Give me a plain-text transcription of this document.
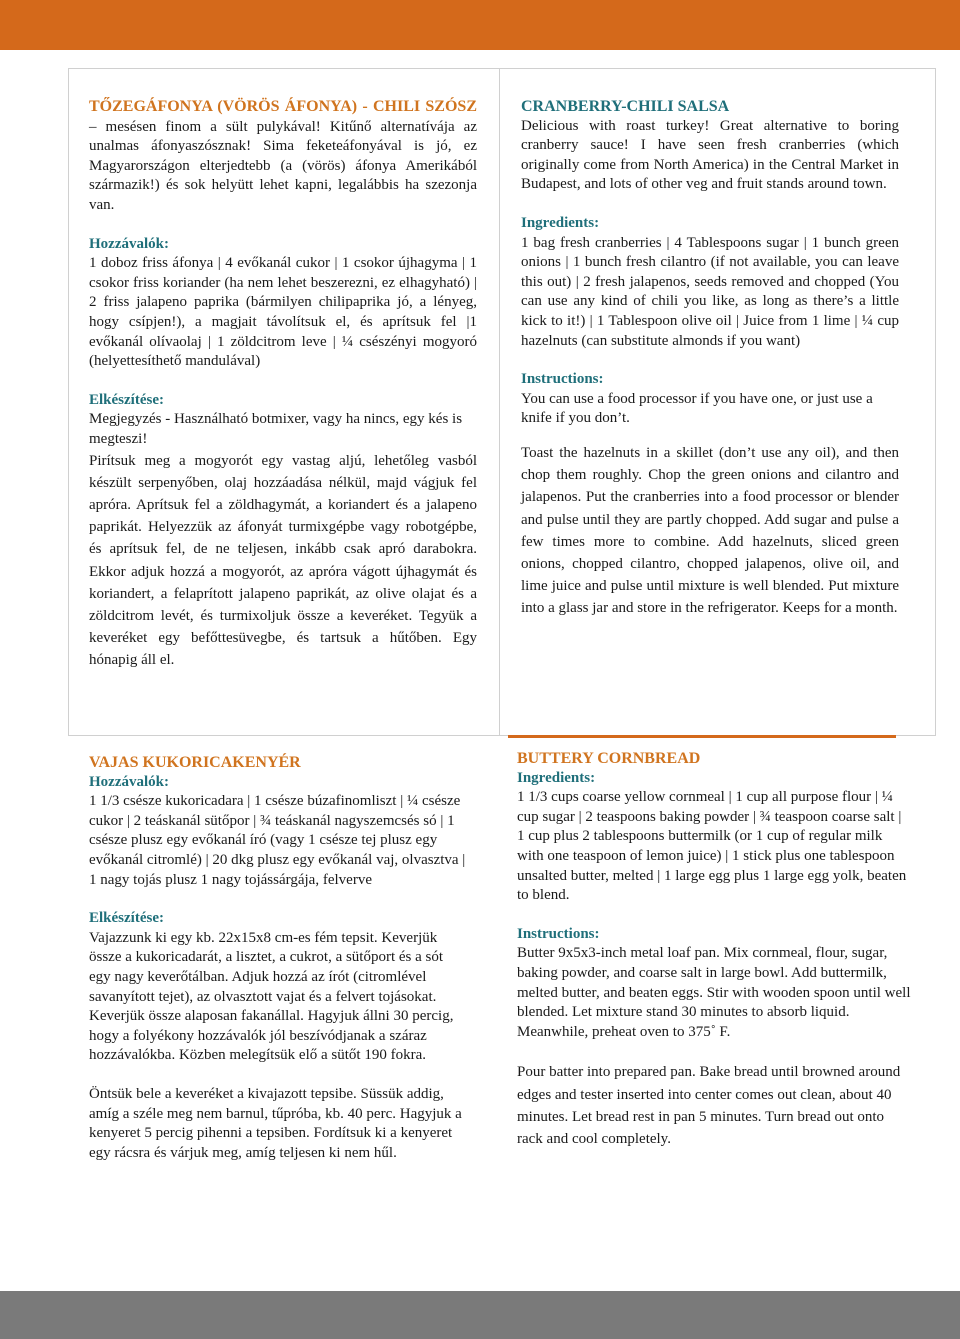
TŐZEGÁFONYA (VÖRÖS ÁFONYA) - CHILI SZÓSZ – mesésen finom a sült pulykával! Kitűnő alternatívája az unalmas áfonyaszósznak! Sima feketeáfonyával is jó, ez Magyarországon elterjedtebb (a (vörös) áfonya Amerikából származik!) és sok helyütt lehet kapni, legalábbis ha szezonja van.

Hozzávalók:

1 doboz friss áfonya | 4 evőkanál cukor | 1 csokor újhagyma | 1 csokor friss koriander (ha nem lehet beszerezni, ez elhagyható) | 2 friss jalapeno paprika (bármilyen chilipaprika jó, a lényeg, hogy csípjen!), a magjait távolítsuk el, és aprítsuk fel |1 evőkanál olívaolaj | 1 zöldcitrom leve | ¼ csészényi mogyoró (helyettesíthető mandulával)

Elkészítése:

Megjegyzés - Használható botmixer, vagy ha nincs, egy kés is megteszi!

Pirítsuk meg a mogyorót egy vastag aljú, lehetőleg vasból készült serpenyőben, olaj hozzáadása nélkül, majd vágjuk fel apróra. Aprítsuk fel a zöldhagymát, a koriandert és a jalapeno paprikát. Helyezzük az áfonyát turmixgépbe vagy robotgépbe, és aprítsuk fel, de ne teljesen, inkább csak apró darabokra. Ekkor adjuk hozzá a mogyorót, az apróra vágott újhagymát és koriandert, a felaprított jalapeno paprikát, az olive olajat és a zöldcitrom levét, és turmixoljuk össze a keveréket. Tegyük a keveréket egy befőttesüvegbe, és tartsuk a hűtőben. Egy hónapig áll el.

CRANBERRY-CHILI SALSA

Delicious with roast turkey! Great alternative to boring cranberry sauce! I have seen fresh cranberries (which originally come from North America) in the Central Market in Budapest, and lots of other veg and fruit stands around town.

Ingredients:

1 bag fresh cranberries | 4 Tablespoons sugar | 1 bunch green onions | 1 bunch fresh cilantro (if not available, you can leave this out) | 2 fresh jalapenos, seeds removed and chopped (You can use any kind of chili you like, as long as there’s a little kick to it!) | 1 Tablespoon olive oil | Juice from 1 lime | ¼ cup hazelnuts (can substitute almonds if you want)

Instructions:

You can use a food processor if you have one, or just use a knife if you don’t.

Toast the hazelnuts in a skillet (don’t use any oil), and then chop them roughly. Chop the green onions and cilantro and jalapenos. Put the cranberries into a food processor or blender and pulse until they are partly chopped. Add sugar and pulse a few times more to combine. Add hazelnuts, sliced green onions, chopped cilantro, chopped jalapenos, olive oil, and lime juice and pulse until mixture is well blended. Put mixture into a glass jar and store in the refrigerator. Keeps for a month.

VAJAS KUKORICAKENYÉR

Hozzávalók:

1 1/3 csésze kukoricadara | 1 csésze búzafinomliszt | ¼ csésze cukor | 2 teáskanál sütőpor | ¾ teáskanál nagyszemcsés só | 1 csésze plusz egy evőkanál író (vagy 1 csésze tej plusz egy evőkanál citromlé) | 20 dkg plusz egy evőkanál vaj, olvasztva | 1 nagy tojás plusz 1 nagy tojássárgája, felverve

Elkészítése:

Vajazzunk ki egy kb. 22x15x8 cm-es fém tepsit. Keverjük össze a kukoricadarát, a lisztet, a cukrot, a sütőport és a sót egy nagy keverőtálban. Adjuk hozzá az írót (citromlével savanyított tejet), az olvasztott vajat és a felvert tojásokat. Keverjük össze alaposan fakanállal. Hagyjuk állni 30 percig, hogy a folyékony hozzávalók jól beszívódjanak a száraz hozzávalókba. Közben melegítsük elő a sütőt 190 fokra.

Öntsük bele a keveréket a kivajazott tepsibe. Süssük addig, amíg a széle meg nem barnul, tűpróba, kb. 40 perc. Hagyjuk a kenyeret 5 percig pihenni a tepsiben. Fordítsuk ki a kenyeret egy rácsra és várjuk meg, amíg teljesen ki nem hűl.

BUTTERY CORNBREAD

Ingredients:

1 1/3 cups coarse yellow cornmeal | 1 cup all purpose flour | ¼ cup sugar | 2 teaspoons baking powder | ¾ teaspoon coarse salt | 1 cup plus 2 tablespoons buttermilk (or 1 cup of regular milk with one teaspoon of lemon juice) | 1 stick plus one tablespoon unsalted butter, melted | 1 large egg plus 1 large egg yolk, beaten to blend.

Instructions:

Butter 9x5x3-inch metal loaf pan. Mix cornmeal, flour, sugar, baking powder, and coarse salt in large bowl. Add buttermilk, melted butter, and beaten eggs. Stir with wooden spoon until well blended. Let mixture stand 30 minutes to absorb liquid. Meanwhile, preheat oven to 375˚ F.

Pour batter into prepared pan. Bake bread until browned around edges and tester inserted into center comes out clean, about 40 minutes. Let bread rest in pan 5 minutes. Turn bread out onto rack and cool completely.
